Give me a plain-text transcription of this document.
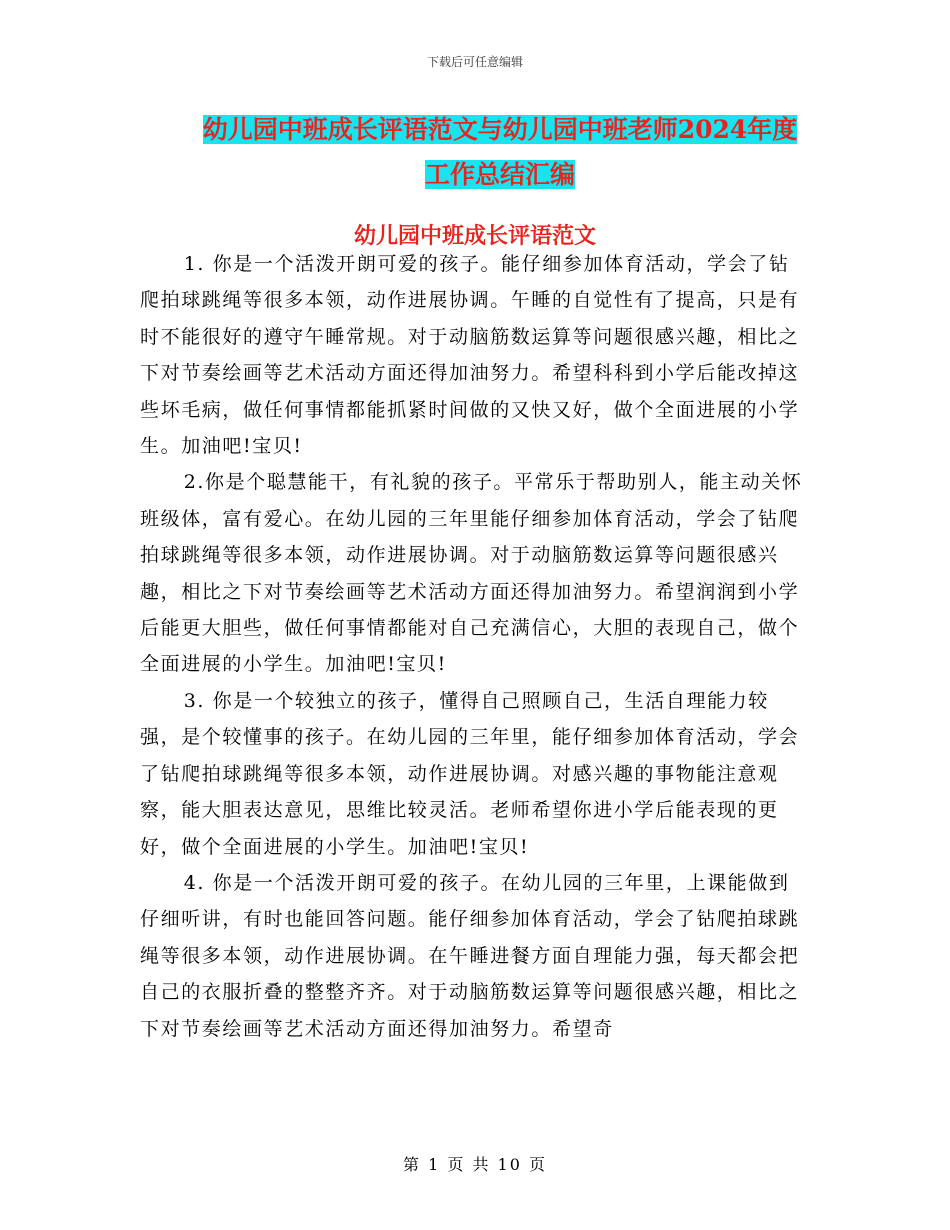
下载后可任意编辑
幼儿园中班成长评语范文与幼儿园中班老师2024年度
工作总结汇编
幼儿园中班成长评语范文

1. 你是一个活泼开朗可爱的孩子。能仔细参加体育活动，学会了钻爬拍球跳绳等很多本领，动作进展协调。午睡的自觉性有了提高，只是有时不能很好的遵守午睡常规。对于动脑筋数运算等问题很感兴趣，相比之下对节奏绘画等艺术活动方面还得加油努力。希望科科到小学后能改掉这些坏毛病，做任何事情都能抓紧时间做的又快又好，做个全面进展的小学生。加油吧!宝贝!

2.你是个聪慧能干，有礼貌的孩子。平常乐于帮助别人，能主动关怀班级体，富有爱心。在幼儿园的三年里能仔细参加体育活动，学会了钻爬拍球跳绳等很多本领，动作进展协调。对于动脑筋数运算等问题很感兴趣，相比之下对节奏绘画等艺术活动方面还得加油努力。希望润润到小学后能更大胆些，做任何事情都能对自己充满信心，大胆的表现自己，做个全面进展的小学生。加油吧!宝贝!

3. 你是一个较独立的孩子，懂得自己照顾自己，生活自理能力较强，是个较懂事的孩子。在幼儿园的三年里，能仔细参加体育活动，学会了钻爬拍球跳绳等很多本领，动作进展协调。对感兴趣的事物能注意观察，能大胆表达意见，思维比较灵活。老师希望你进小学后能表现的更好，做个全面进展的小学生。加油吧!宝贝!

4. 你是一个活泼开朗可爱的孩子。在幼儿园的三年里，上课能做到仔细听讲，有时也能回答问题。能仔细参加体育活动，学会了钻爬拍球跳绳等很多本领，动作进展协调。在午睡进餐方面自理能力强，每天都会把自己的衣服折叠的整整齐齐。对于动脑筋数运算等问题很感兴趣，相比之下对节奏绘画等艺术活动方面还得加油努力。希望奇

第 1 页 共 10 页
